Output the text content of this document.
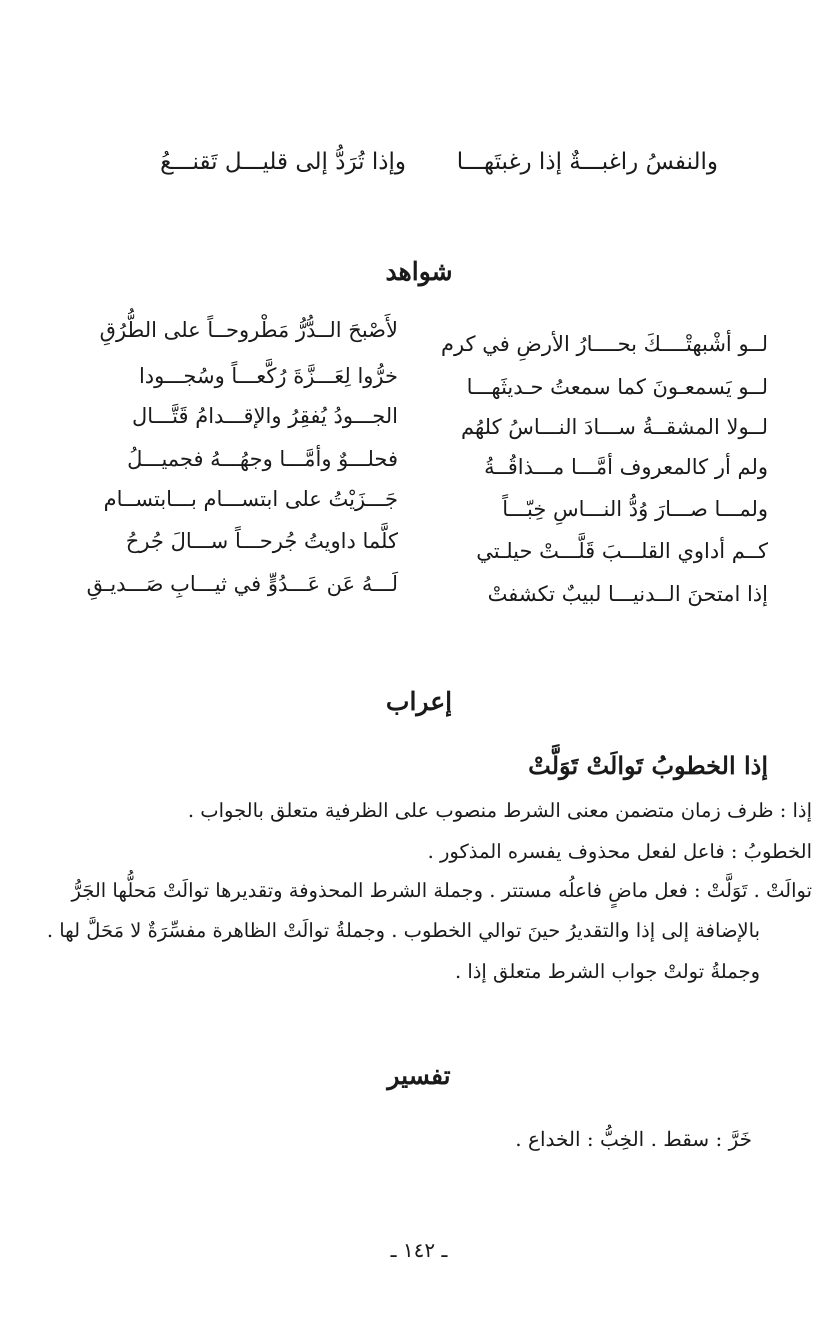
والنفسُ راغبـــةٌ إذا رغبتَهـــا
وإذا تُرَدُّ إلى قليـــل تَقنـــعُ
شواهد
لــو أشْبهتْــــكَ بحــــارُ الأرضِ في كرم
لــو يَسمعـونَ كما سمعتُ حـديثَهـــا
لــولا المشقــةُ ســـادَ النـــاسُ كلهُم
ولم أر كالمعروف أمَّـــا مـــذاقُــةُ
ولمـــا صـــارَ وُدُّ النـــاسِ خِبّـــاً
كــم أداوي القلـــبَ قَلَّـــتْ حيلـتي
إذا امتحنَ الــدنيـــا لبيبٌ تكشفتْ
لأَصْبحَ الــدُّرُّ مَطْروحــاً على الطُّرُقِ
خرُّوا لِعَـــزَّةَ رُكَّعـــاً وسُجـــودا
الجـــودُ يُفقِرُ والإقـــدامُ قَتَّـــال
فحلـــوٌ وأمَّـــا وجهُـــهُ فجميـــلُ
جَـــزَيْتُ على ابتســـام بـــابتســام
كلَّما داويتُ جُرحـــاً ســـالَ جُرحُ
لَـــهُ عَن عَـــدُوٍّ في ثيـــابِ صَـــديـقِ
إعراب
إذا الخطوبُ تَوالَتْ تَوَلَّتْ
إذا : ظرف زمان متضمن معنى الشرط منصوب على الظرفية متعلق بالجواب .
الخطوبُ : فاعل لفعل محذوف يفسره المذكور .
توالَتْ . تَوَلَّتْ : فعل ماضٍ فاعلُه مستتر . وجملة الشرط المحذوفة وتقديرها توالَتْ مَحلُّها الجَرُّ
بالإضافة إلى إذا والتقديرُ حينَ توالي الخطوب . وجملةُ توالَتْ الظاهرة مفسِّرَةٌ لا مَحَلَّ لها .
وجملةُ تولتْ جواب الشرط متعلق إذا .
تفسير
خَرَّ : سقط . الخِبُّ : الخداع .
ـ ١٤٢ ـ
